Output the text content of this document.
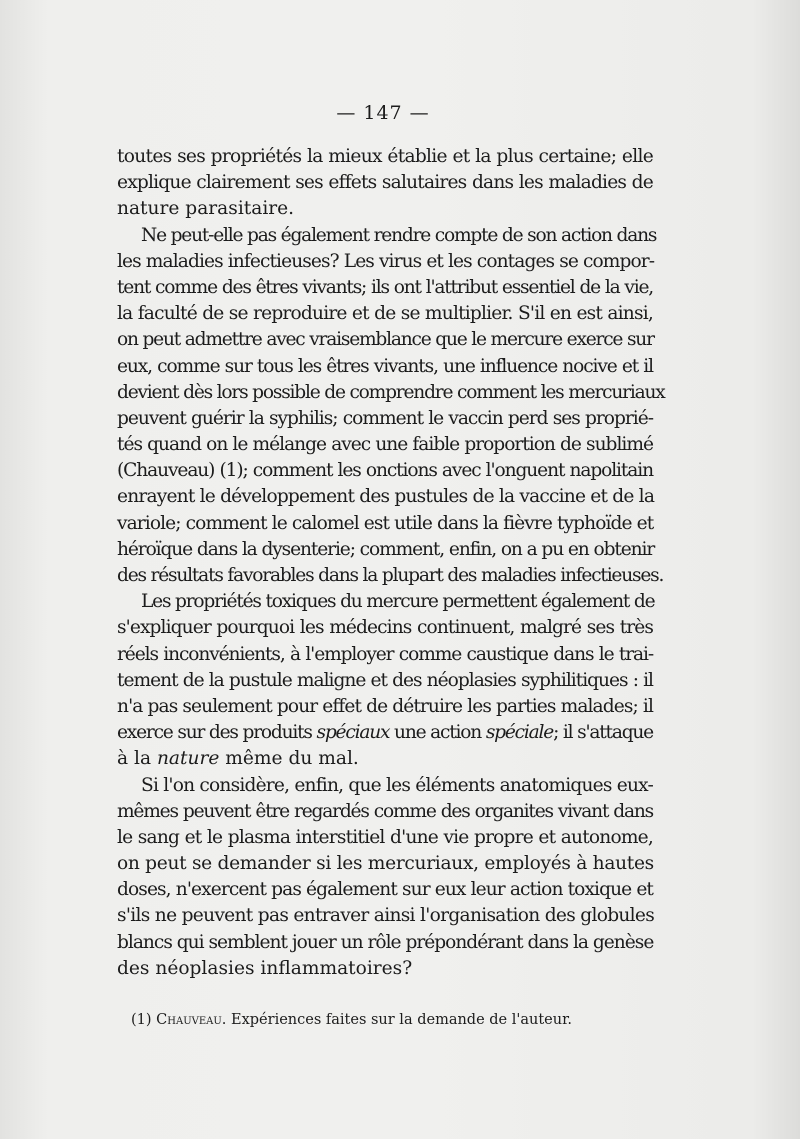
— 147 —
toutes ses propriétés la mieux établie et la plus certaine; elle
explique clairement ses effets salutaires dans les maladies de
nature parasitaire.
Ne peut-elle pas également rendre compte de son action dans
les maladies infectieuses? Les virus et les contages se compor-
tent comme des êtres vivants; ils ont l'attribut essentiel de la vie,
la faculté de se reproduire et de se multiplier. S'il en est ainsi,
on peut admettre avec vraisemblance que le mercure exerce sur
eux, comme sur tous les êtres vivants, une influence nocive et il
devient dès lors possible de comprendre comment les mercuriaux
peuvent guérir la syphilis; comment le vaccin perd ses proprié-
tés quand on le mélange avec une faible proportion de sublimé
(Chauveau) (1); comment les onctions avec l'onguent napolitain
enrayent le développement des pustules de la vaccine et de la
variole; comment le calomel est utile dans la fièvre typhoïde et
héroïque dans la dysenterie; comment, enfin, on a pu en obtenir
des résultats favorables dans la plupart des maladies infectieuses.
Les propriétés toxiques du mercure permettent également de
s'expliquer pourquoi les médecins continuent, malgré ses très
réels inconvénients, à l'employer comme caustique dans le trai-
tement de la pustule maligne et des néoplasies syphilitiques : il
n'a pas seulement pour effet de détruire les parties malades; il
exerce sur des produits spéciaux une action spéciale; il s'attaque
à la nature même du mal.
Si l'on considère, enfin, que les éléments anatomiques eux-
mêmes peuvent être regardés comme des organites vivant dans
le sang et le plasma interstitiel d'une vie propre et autonome,
on peut se demander si les mercuriaux, employés à hautes
doses, n'exercent pas également sur eux leur action toxique et
s'ils ne peuvent pas entraver ainsi l'organisation des globules
blancs qui semblent jouer un rôle prépondérant dans la genèse
des néoplasies inflammatoires?
(1) Chauveau. Expériences faites sur la demande de l'auteur.
